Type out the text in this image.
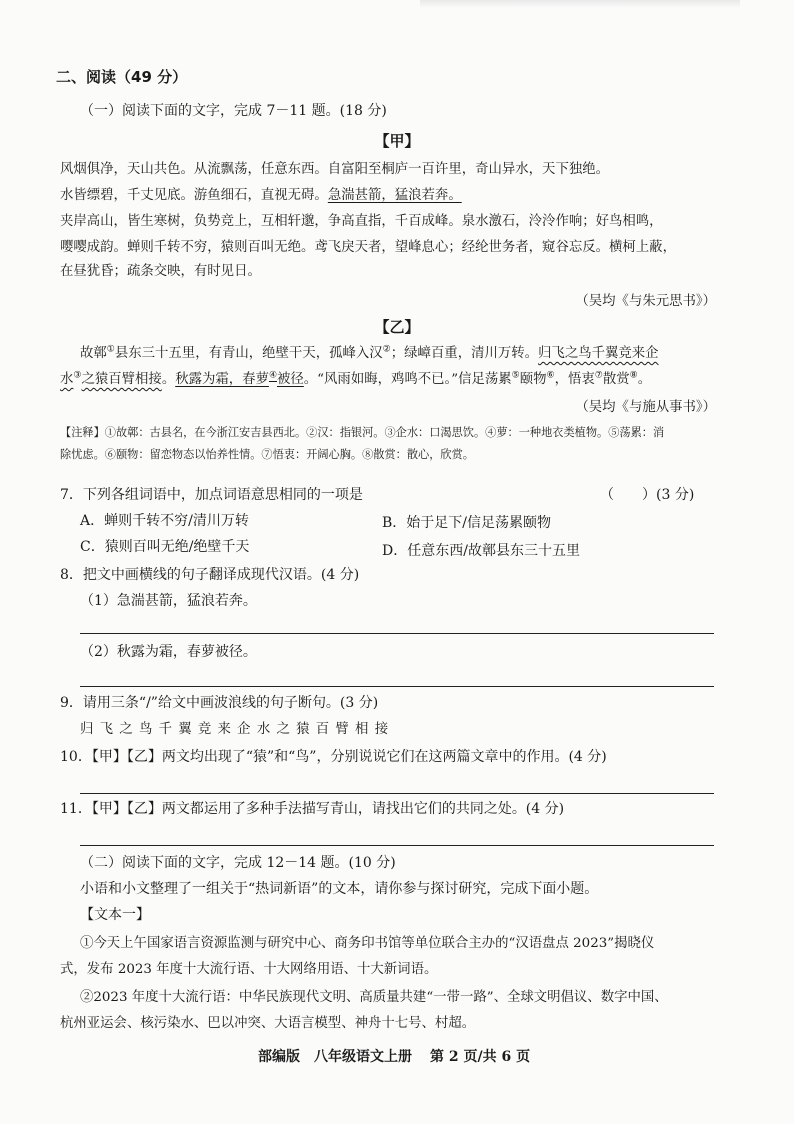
二、阅读（49 分）
（一）阅读下面的文字，完成 7－11 题。(18 分)
【甲】
风烟俱净，天山共色。从流飘荡，任意东西。自富阳至桐庐一百许里，奇山异水，天下独绝。
水皆缥碧，千丈见底。游鱼细石，直视无碍。急湍甚箭，猛浪若奔。
夹岸高山，皆生寒树，负势竞上，互相轩邈，争高直指，千百成峰。泉水激石，泠泠作响；好鸟相鸣，
嘤嘤成韵。蝉则千转不穷，猿则百叫无绝。鸢飞戾天者，望峰息心；经纶世务者，窥谷忘反。横柯上蔽，
在昼犹昏；疏条交映，有时见日。
（吴均《与朱元思书》）
【乙】
故鄣①县东三十五里，有青山，绝壁干天，孤峰入汉②；绿嶂百重，清川万转。归飞之鸟千翼竞来企
水③之猿百臂相接。秋露为霜，春萝④被径。“风雨如晦，鸡鸣不已。”信足荡累⑤颐物⑥，悟衷⑦散赏⑧。
（吴均《与施从事书》）
【注释】①故鄣：古县名，在今浙江安吉县西北。②汉：指银河。③企水：口渴思饮。④萝：一种地衣类植物。⑤荡累：消
除忧虑。⑥颐物：留恋物态以怡养性情。⑦悟衷：开阔心胸。⑧散赏：散心，欣赏。
7．下列各组词语中，加点词语意思相同的一项是	（　　）(3 分)
A．蝉则千转不穷/清川万转	B．始于足下/信足荡累颐物
C．猿则百叫无绝/绝壁千天	D．任意东西/故鄣县东三十五里
8．把文中画横线的句子翻译成现代汉语。(4 分)
（1）急湍甚箭，猛浪若奔。
（2）秋露为霜，春萝被径。
9．请用三条“/”给文中画波浪线的句子断句。(3 分)
归 飞 之 鸟 千 翼 竞 来 企 水 之 猿 百 臂 相 接
10．【甲】【乙】两文均出现了“猿”和“鸟”，分别说说它们在这两篇文章中的作用。(4 分)
11．【甲】【乙】两文都运用了多种手法描写青山，请找出它们的共同之处。(4 分)
（二）阅读下面的文字，完成 12－14 题。(10 分)
小语和小文整理了一组关于“热词新语”的文本，请你参与探讨研究，完成下面小题。
【文本一】
①今天上午国家语言资源监测与研究中心、商务印书馆等单位联合主办的“汉语盘点 2023”揭晓仪
式，发布 2023 年度十大流行语、十大网络用语、十大新词语。
②2023 年度十大流行语：中华民族现代文明、高质量共建“一带一路”、全球文明倡议、数字中国、
杭州亚运会、核污染水、巴以冲突、大语言模型、神舟十七号、村超。
部编版　八年级语文上册 第 2 页/共 6 页
